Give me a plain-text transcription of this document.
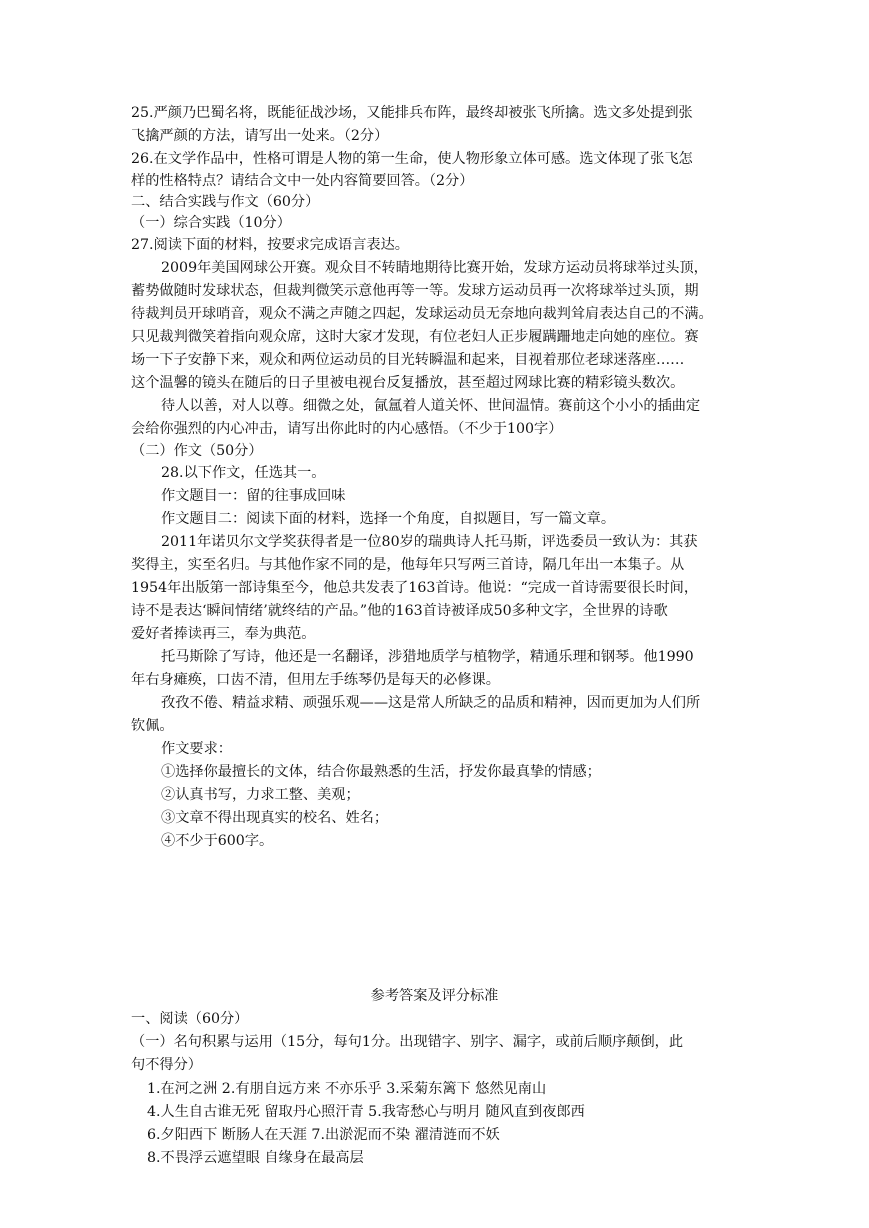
25.严颜乃巴蜀名将，既能征战沙场，又能排兵布阵，最终却被张飞所擒。选文多处提到张
飞擒严颜的方法，请写出一处来。（2分）
26.在文学作品中，性格可谓是人物的第一生命，使人物形象立体可感。选文体现了张飞怎
样的性格特点？请结合文中一处内容简要回答。（2分）
二、结合实践与作文（60分）
（一）综合实践（10分）
27.阅读下面的材料，按要求完成语言表达。
2009年美国网球公开赛。观众目不转睛地期待比赛开始，发球方运动员将球举过头顶，
蓄势做随时发球状态，但裁判微笑示意他再等一等。发球方运动员再一次将球举过头顶，期
待裁判员开球哨音，观众不满之声随之四起，发球运动员无奈地向裁判耸肩表达自己的不满。
只见裁判微笑着指向观众席，这时大家才发现，有位老妇人正步履蹒跚地走向她的座位。赛
场一下子安静下来，观众和两位运动员的目光转瞬温和起来，目视着那位老球迷落座……
这个温馨的镜头在随后的日子里被电视台反复播放，甚至超过网球比赛的精彩镜头数次。
待人以善，对人以尊。细微之处，氤氲着人道关怀、世间温情。赛前这个小小的插曲定
会给你强烈的内心冲击，请写出你此时的内心感悟。（不少于100字）
（二）作文（50分）
28.以下作文，任选其一。
作文题目一：留的往事成回味
作文题目二：阅读下面的材料，选择一个角度，自拟题目，写一篇文章。
2011年诺贝尔文学奖获得者是一位80岁的瑞典诗人托马斯，评选委员一致认为：其获
奖得主，实至名归。与其他作家不同的是，他每年只写两三首诗，隔几年出一本集子。从
1954年出版第一部诗集至今，他总共发表了163首诗。他说：“完成一首诗需要很长时间，
诗不是表达‘瞬间情绪’就终结的产品。”他的163首诗被译成50多种文字，全世界的诗歌
爱好者捧读再三，奉为典范。
托马斯除了写诗，他还是一名翻译，涉猎地质学与植物学，精通乐理和钢琴。他1990
年右身瘫痪，口齿不清，但用左手练琴仍是每天的必修课。
孜孜不倦、精益求精、顽强乐观——这是常人所缺乏的品质和精神，因而更加为人们所
钦佩。
作文要求：
①选择你最擅长的文体，结合你最熟悉的生活，抒发你最真挚的情感；
②认真书写，力求工整、美观；
③文章不得出现真实的校名、姓名；
④不少于600字。
参考答案及评分标准
一、阅读（60分）
（一）名句积累与运用（15分，每句1分。出现错字、别字、漏字，或前后顺序颠倒，此
句不得分）
1.在河之洲 2.有朋自远方来 不亦乐乎 3.采菊东篱下 悠然见南山
4.人生自古谁无死 留取丹心照汗青 5.我寄愁心与明月 随风直到夜郎西
6.夕阳西下 断肠人在天涯 7.出淤泥而不染 濯清涟而不妖
8.不畏浮云遮望眼 自缘身在最高层
